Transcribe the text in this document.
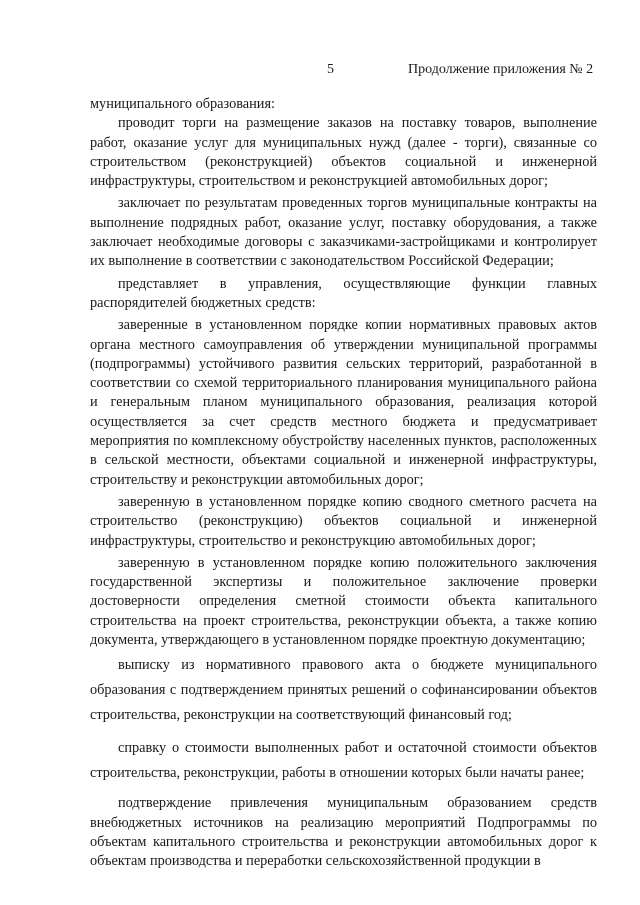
5	Продолжение приложения № 2

муниципального образования:

проводит торги на размещение заказов на поставку товаров, выполнение работ, оказание услуг для муниципальных нужд (далее - торги), связанные со строительством (реконструкцией) объектов социальной и инженерной инфраструктуры, строительством и реконструкцией автомобильных дорог;

заключает по результатам проведенных торгов муниципальные контракты на выполнение подрядных работ, оказание услуг, поставку оборудования, а также заключает необходимые договоры с заказчиками-застройщиками и контролирует их выполнение в соответствии с законодательством Российской Федерации;

представляет в управления, осуществляющие функции главных распорядителей бюджетных средств:

заверенные в установленном порядке копии нормативных правовых актов органа местного самоуправления об утверждении муниципальной программы (подпрограммы) устойчивого развития сельских территорий, разработанной в соответствии со схемой территориального планирования муниципального района и генеральным планом муниципального образования, реализация которой осуществляется за счет средств местного бюджета и предусматривает мероприятия по комплексному обустройству населенных пунктов, расположенных в сельской местности, объектами социальной и инженерной инфраструктуры, строительству и реконструкции автомобильных дорог;

заверенную в установленном порядке копию сводного сметного расчета на строительство (реконструкцию) объектов социальной и инженерной инфраструктуры, строительство и реконструкцию автомобильных дорог;

заверенную в установленном порядке копию положительного заключения государственной экспертизы и положительное заключение проверки достоверности определения сметной стоимости объекта капитального строительства на проект строительства, реконструкции объекта, а также копию документа, утверждающего в установленном порядке проектную документацию;

выписку из нормативного правового акта о бюджете муниципального образования с подтверждением принятых решений о софинансировании объектов строительства, реконструкции на соответствующий финансовый год;

справку о стоимости выполненных работ и остаточной стоимости объектов строительства, реконструкции, работы в отношении которых были начаты ранее;

подтверждение привлечения муниципальным образованием средств внебюджетных источников на реализацию мероприятий Подпрограммы по объектам капитального строительства и реконструкции автомобильных дорог к объектам производства и переработки сельскохозяйственной продукции в
